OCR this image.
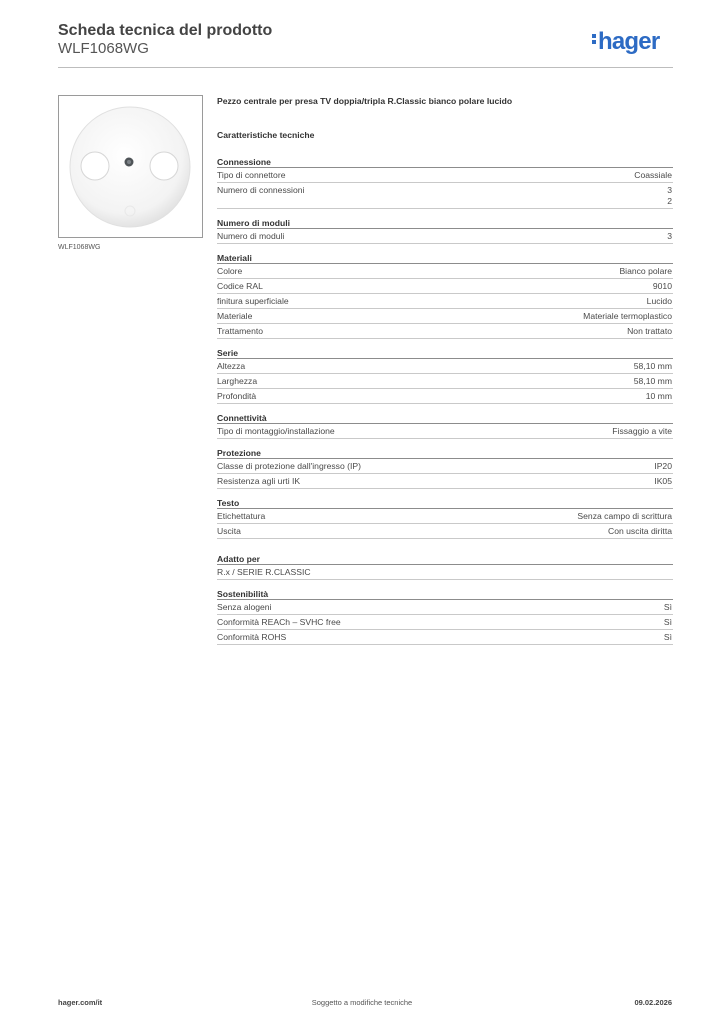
Scheda tecnica del prodotto
WLF1068WG	hager
WLF1068WG
Pezzo centrale per presa TV doppia/tripla R.Classic bianco polare lucido
Caratteristiche tecniche
Connessione
Tipo di connettore	Coassiale
Numero di connessioni	3
2
Numero di moduli
Numero di moduli	3
Materiali
Colore	Bianco polare
Codice RAL	9010
finitura superficiale	Lucido
Materiale	Materiale termoplastico
Trattamento	Non trattato
Serie
Altezza	58,10 mm
Larghezza	58,10 mm
Profondità	10 mm
Connettività
Tipo di montaggio/installazione	Fissaggio a vite
Protezione
Classe di protezione dall'ingresso (IP)	IP20
Resistenza agli urti IK	IK05
Testo
Etichettatura	Senza campo di scrittura
Uscita	Con uscita diritta
Adatto per
R.x / SERIE R.CLASSIC
Sostenibilità
Senza alogeni	Sì
Conformità REACh – SVHC free	Sì
Conformità ROHS	Sì
hager.com/it	Soggetto a modifiche tecniche	09.02.2026
